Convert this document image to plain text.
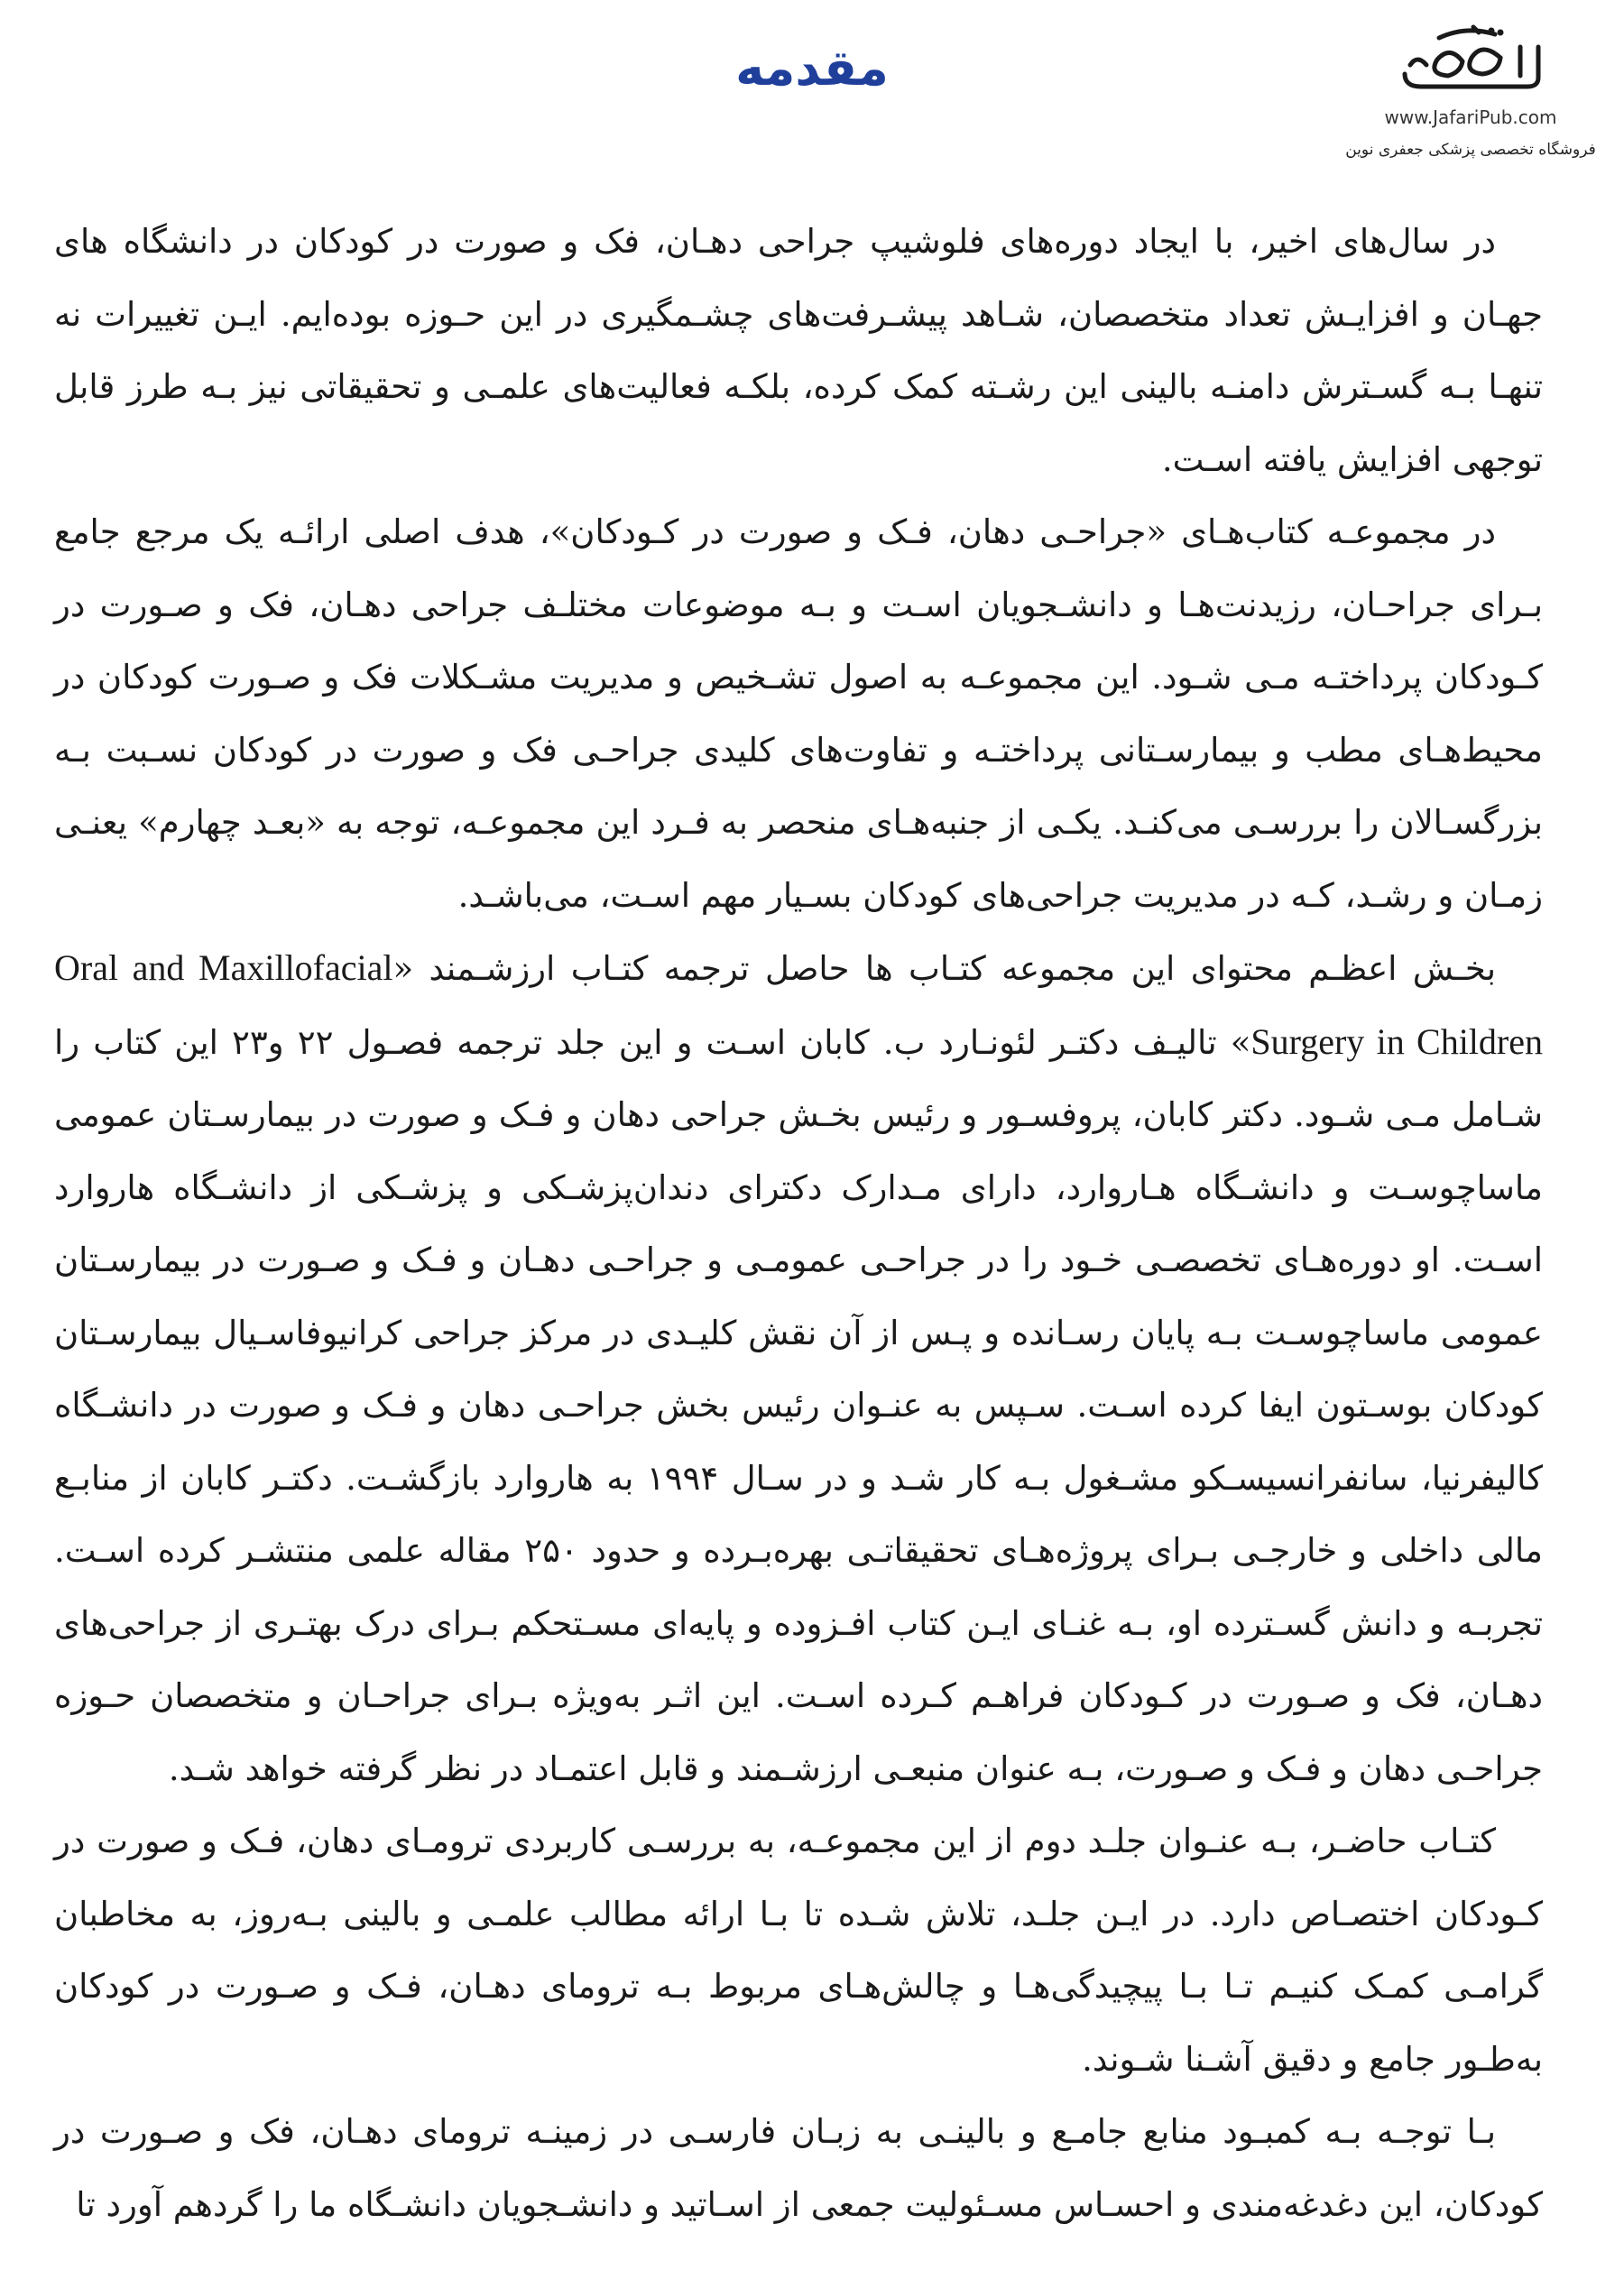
مقدمه
www.JafariPub.com
فروشگاه تخصصی پزشکی جعفری نوین

در سال‌های اخیر، با ایجاد دوره‌های فلوشیپ جراحی دهـان، فک و صورت در کودکان در دانشگاه های جهـان و افزایـش تعداد متخصصان، شـاهد پیشـرفت‌های چشـمگیری در این حـوزه بوده‌ایم. ایـن تغییرات نه تنهـا بـه گسـترش دامنـه بالینی این رشـته کمک کرده، بلکـه فعالیت‌های علمـی و تحقیقاتی نیز بـه طرز قابل توجهی افزایش یافته اسـت.

در مجموعـه کتاب‌هـای «جراحـی دهان، فـک و صورت در کـودکان»، هدف اصلی ارائـه یک مرجع جامع بـرای جراحـان، رزیدنت‌هـا و دانشـجویان اسـت و بـه موضوعات مختلـف جراحی دهـان، فک و صـورت در کـودکان پرداختـه مـی شـود. این مجموعـه به اصول تشـخیص و مدیریت مشـکلات فک و صـورت کودکان در محیط‌هـای مطب و بیمارسـتانی پرداختـه و تفاوت‌های کلیدی جراحـی فک و صورت در کودکان نسـبت بـه بزرگسـالان را بررسـی می‌کنـد. یکـی از جنبه‌هـای منحصر به فـرد این مجموعـه، توجه به «بعـد چهارم» یعنـی زمـان و رشـد، کـه در مدیریت جراحی‌های کودکان بسـیار مهم اسـت، می‌باشـد.

بخـش اعظـم محتوای این مجموعه کتـاب ها حاصل ترجمه کتـاب ارزشـمند «Oral and Maxillofacial Surgery in Children» تالیـف دکتـر لئونـارد ب. کابان اسـت و این جلد ترجمه فصـول ۲۲ و۲۳ این کتاب را شـامل مـی شـود. دکتر کابان، پروفسـور و رئیس بخـش جراحی دهان و فـک و صورت در بیمارسـتان عمومی ماساچوسـت و دانشـگاه هـاروارد، دارای مـدارک دکترای دندان‌پزشـکی و پزشـکی از دانشـگاه هاروارد اسـت. او دوره‌هـای تخصصـی خـود را در جراحـی عمومـی و جراحـی دهـان و فـک و صـورت در بیمارسـتان عمومی ماساچوسـت بـه پایان رسـانده و پـس از آن نقش کلیـدی در مرکز جراحی کرانیوفاسـیال بیمارسـتان کودکان بوسـتون ایفا کرده اسـت. سـپس به عنـوان رئیس بخش جراحـی دهان و فـک و صورت در دانشـگاه کالیفرنیا، سانفرانسیسـکو مشـغول بـه کار شـد و در سـال ۱۹۹۴ به هاروارد بازگشـت. دکتـر کابان از منابـع مالی داخلی و خارجـی بـرای پروژه‌هـای تحقیقاتـی بهره‌بـرده و حدود ۲۵۰ مقاله علمی منتشـر کرده اسـت. تجربـه و دانش گسـترده او، بـه غنـای ایـن کتاب افـزوده و پایه‌ای مسـتحکم بـرای درک بهتـری از جراحی‌های دهـان، فک و صـورت در کـودکان فراهـم کـرده اسـت. این اثـر به‌ویژه بـرای جراحـان و متخصصان حـوزه جراحـی دهان و فـک و صـورت، بـه عنوان منبعـی ارزشـمند و قابل اعتمـاد در نظر گرفته خواهد شـد.

کتـاب حاضـر، بـه عنـوان جلـد دوم از این مجموعـه، به بررسـی کاربردی ترومـای دهان، فـک و صورت در کـودکان اختصـاص دارد. در ایـن جلـد، تلاش شـده تا بـا ارائه مطالب علمـی و بالینی بـه‌روز، به مخاطبان گرامـی کمـک کنیـم تـا بـا پیچیدگی‌هـا و چالش‌هـای مربوط بـه ترومای دهـان، فـک و صـورت در کودکان به‌طـور جامع و دقیق آشـنا شـوند.

بـا توجـه بـه کمبـود منابع جامـع و بالینـی به زبـان فارسـی در زمینـه ترومای دهـان، فک و صـورت در کودکان، این دغدغه‌مندی و احسـاس مسـئولیت جمعی از اسـاتید و دانشـجویان دانشـگاه ما را گردهم آورد تا
